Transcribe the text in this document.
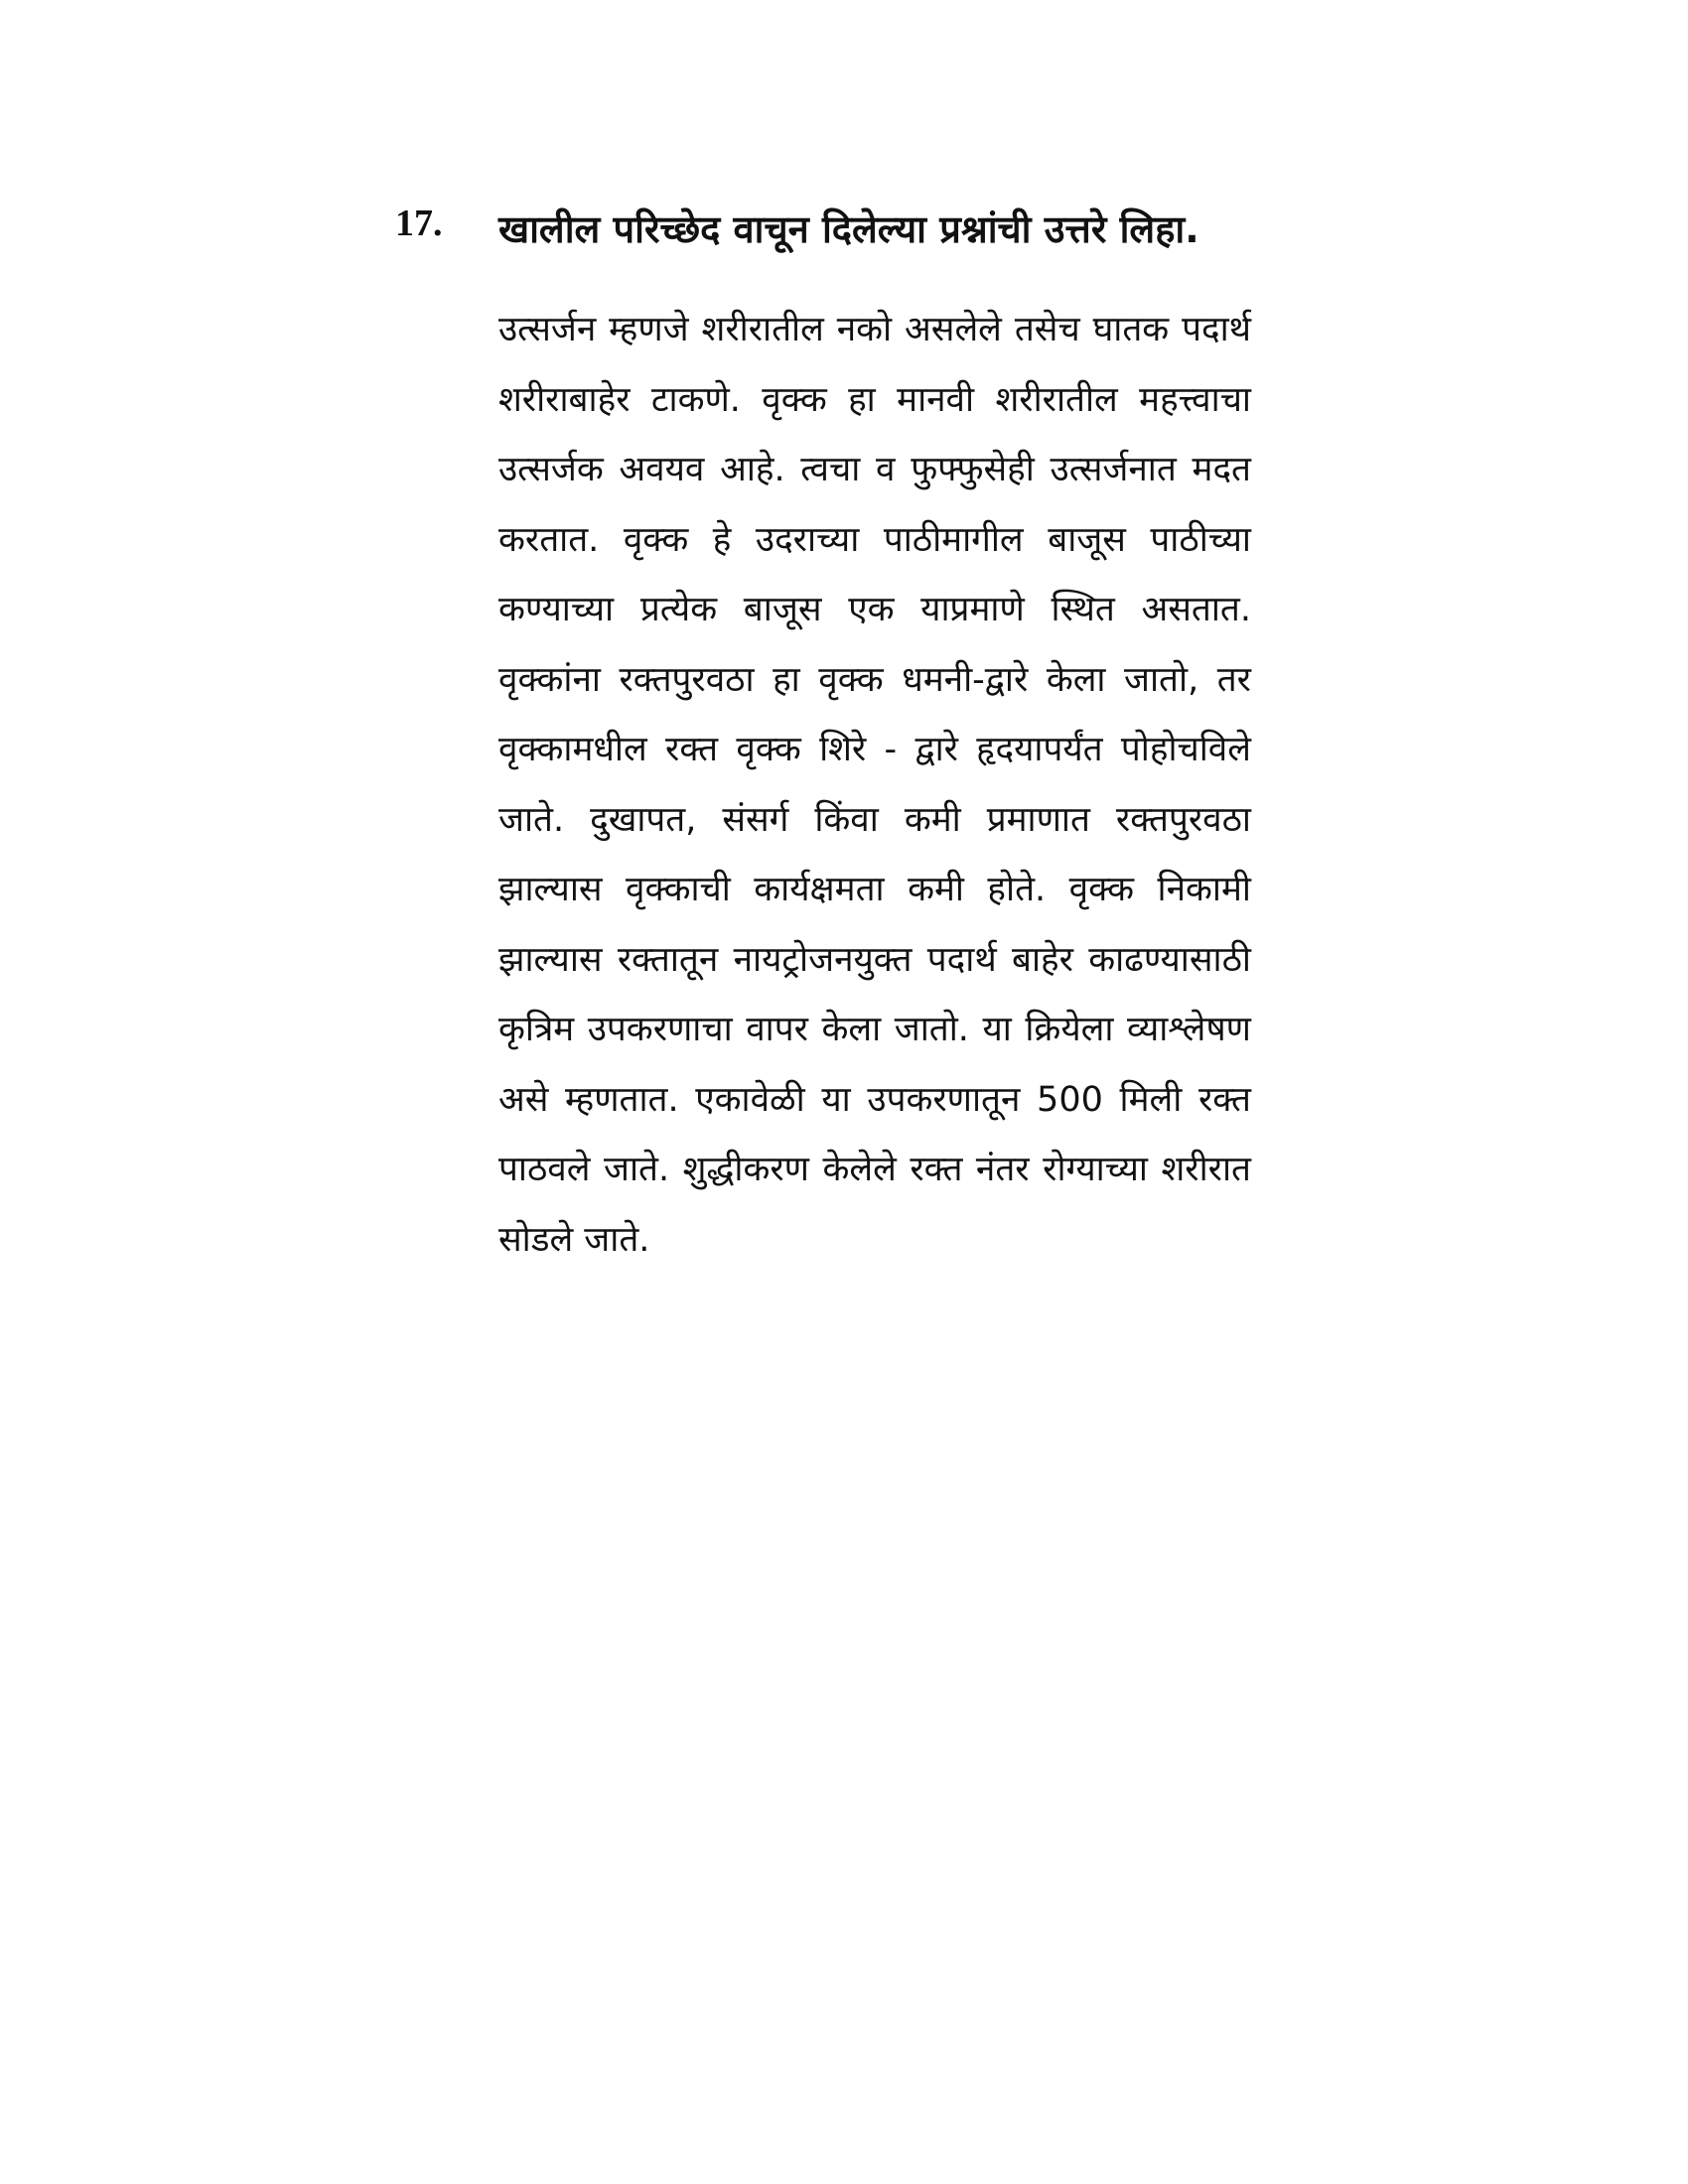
17. खालील परिच्छेद वाचून दिलेल्या प्रश्नांची उत्तरे लिहा.

उत्सर्जन म्हणजे शरीरातील नको असलेले तसेच घातक पदार्थ शरीराबाहेर टाकणे. वृक्क हा मानवी शरीरातील महत्त्वाचा उत्सर्जक अवयव आहे. त्वचा व फुफ्फुसेही उत्सर्जनात मदत करतात. वृक्क हे उदराच्या पाठीमागील बाजूस पाठीच्या कण्याच्या प्रत्येक बाजूस एक याप्रमाणे स्थित असतात. वृक्कांना रक्तपुरवठा हा वृक्क धमनी-द्वारे केला जातो, तर वृक्कामधील रक्त वृक्क शिरे - द्वारे हृदयापर्यंत पोहोचविले जाते. दुखापत, संसर्ग किंवा कमी प्रमाणात रक्तपुरवठा झाल्यास वृक्काची कार्यक्षमता कमी होते. वृक्क निकामी झाल्यास रक्तातून नायट्रोजनयुक्त पदार्थ बाहेर काढण्यासाठी कृत्रिम उपकरणाचा वापर केला जातो. या क्रियेला व्याश्लेषण असे म्हणतात. एकावेळी या उपकरणातून 500 मिली रक्त पाठवले जाते. शुद्धीकरण केलेले रक्त नंतर रोग्याच्या शरीरात सोडले जाते.
